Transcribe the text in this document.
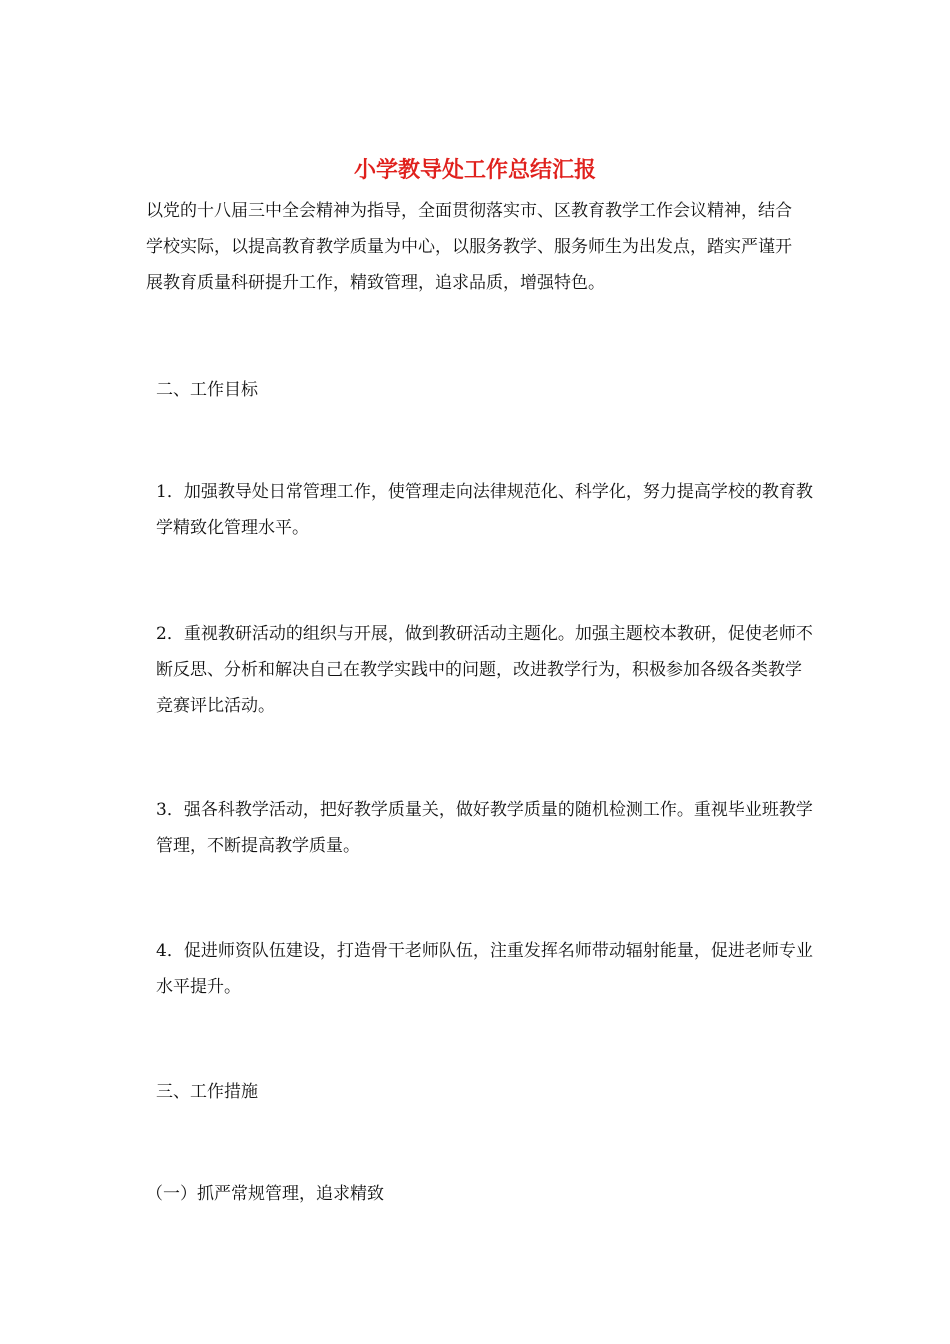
小学教导处工作总结汇报

以党的十八届三中全会精神为指导，全面贯彻落实市、区教育教学工作会议精神，结合学校实际，以提高教育教学质量为中心，以服务教学、服务师生为出发点，踏实严谨开展教育质量科研提升工作，精致管理，追求品质，增强特色。

二、工作目标

1．加强教导处日常管理工作，使管理走向法律规范化、科学化，努力提高学校的教育教学精致化管理水平。

2．重视教研活动的组织与开展，做到教研活动主题化。加强主题校本教研，促使老师不断反思、分析和解决自己在教学实践中的问题，改进教学行为，积极参加各级各类教学竞赛评比活动。

3．强各科教学活动，把好教学质量关，做好教学质量的随机检测工作。重视毕业班教学管理，不断提高教学质量。

4．促进师资队伍建设，打造骨干老师队伍，注重发挥名师带动辐射能量，促进老师专业水平提升。

三、工作措施

（一）抓严常规管理，追求精致
